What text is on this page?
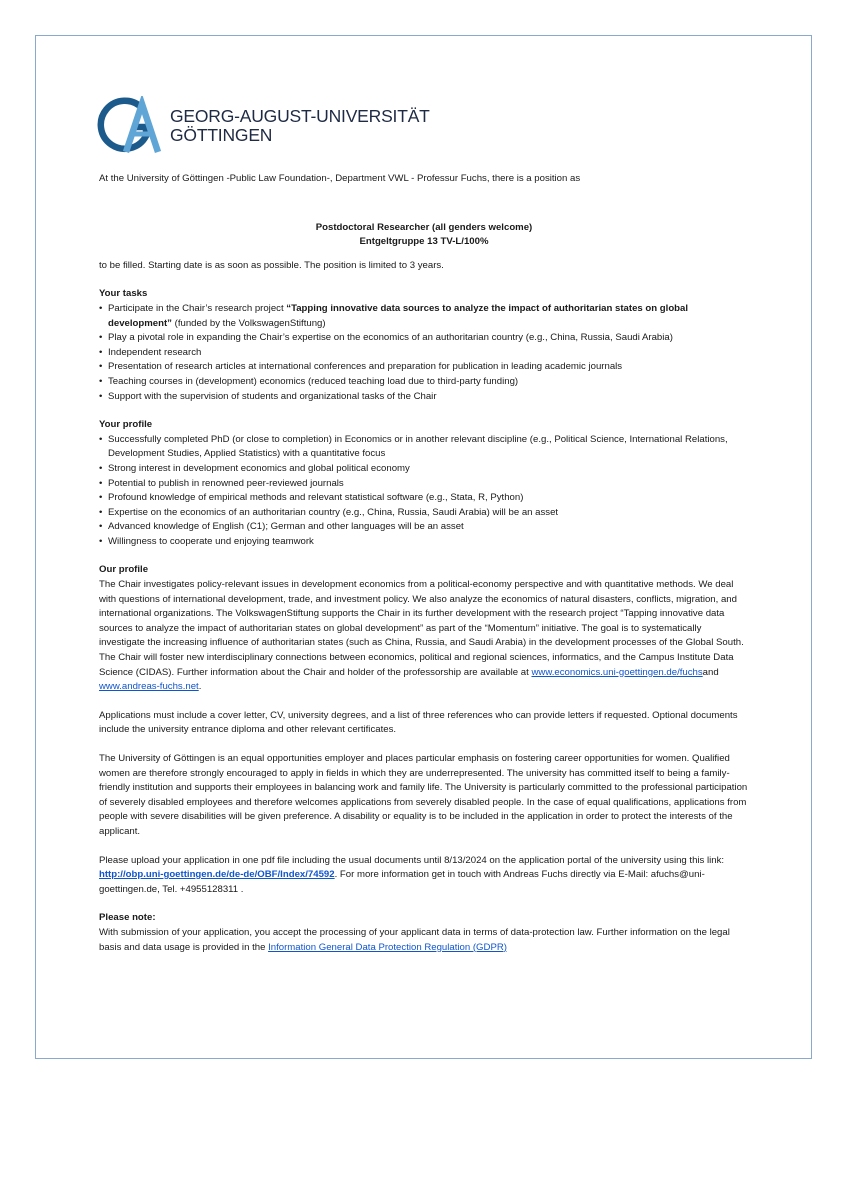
GEORG-AUGUST-UNIVERSITÄT
GÖTTINGEN

At the University of Göttingen -Public Law Foundation-, Department VWL - Professur Fuchs, there is a position as

Postdoctoral Researcher (all genders welcome)
Entgeltgruppe 13 TV-L/100%

to be filled. Starting date is as soon as possible. The position is limited to 3 years.

Your tasks
• Participate in the Chair’s research project “Tapping innovative data sources to analyze the impact of authoritarian states on global development” (funded by the VolkswagenStiftung)
• Play a pivotal role in expanding the Chair’s expertise on the economics of an authoritarian country (e.g., China, Russia, Saudi Arabia)
• Independent research
• Presentation of research articles at international conferences and preparation for publication in leading academic journals
• Teaching courses in (development) economics (reduced teaching load due to third-party funding)
• Support with the supervision of students and organizational tasks of the Chair
Your profile
• Successfully completed PhD (or close to completion) in Economics or in another relevant discipline (e.g., Political Science, International Relations, Development Studies, Applied Statistics) with a quantitative focus
• Strong interest in development economics and global political economy
• Potential to publish in renowned peer-reviewed journals
• Profound knowledge of empirical methods and relevant statistical software (e.g., Stata, R, Python)
• Expertise on the economics of an authoritarian country (e.g., China, Russia, Saudi Arabia) will be an asset
• Advanced knowledge of English (C1); German and other languages will be an asset
• Willingness to cooperate und enjoying teamwork
Our profile

The Chair investigates policy-relevant issues in development economics from a political-economy perspective and with quantitative methods. We deal with questions of international development, trade, and investment policy. We also analyze the economics of natural disasters, conflicts, migration, and international organizations. The VolkswagenStiftung supports the Chair in its further development with the research project “Tapping innovative data sources to analyze the impact of authoritarian states on global development” as part of the “Momentum” initiative. The goal is to systematically investigate the increasing influence of authoritarian states (such as China, Russia, and Saudi Arabia) in the development processes of the Global South. The Chair will foster new interdisciplinary connections between economics, political and regional sciences, informatics, and the Campus Institute Data Science (CIDAS). Further information about the Chair and holder of the professorship are available at www.economics.uni-goettingen.de/fuchsand www.andreas-fuchs.net.

Applications must include a cover letter, CV, university degrees, and a list of three references who can provide letters if requested. Optional documents include the university entrance diploma and other relevant certificates.

The University of Göttingen is an equal opportunities employer and places particular emphasis on fostering career opportunities for women. Qualified women are therefore strongly encouraged to apply in fields in which they are underrepresented. The university has committed itself to being a family-friendly institution and supports their employees in balancing work and family life. The University is particularly committed to the professional participation of severely disabled employees and therefore welcomes applications from severely disabled people. In the case of equal qualifications, applications from people with severe disabilities will be given preference. A disability or equality is to be included in the application in order to protect the interests of the applicant.

Please upload your application in one pdf file including the usual documents until 8/13/2024 on the application portal of the university using this link: http://obp.uni-goettingen.de/de-de/OBF/Index/74592. For more information get in touch with Andreas Fuchs directly via E-Mail: afuchs@uni-goettingen.de, Tel. +4955128311 .

Please note:

With submission of your application, you accept the processing of your applicant data in terms of data-protection law. Further information on the legal basis and data usage is provided in the Information General Data Protection Regulation (GDPR)
